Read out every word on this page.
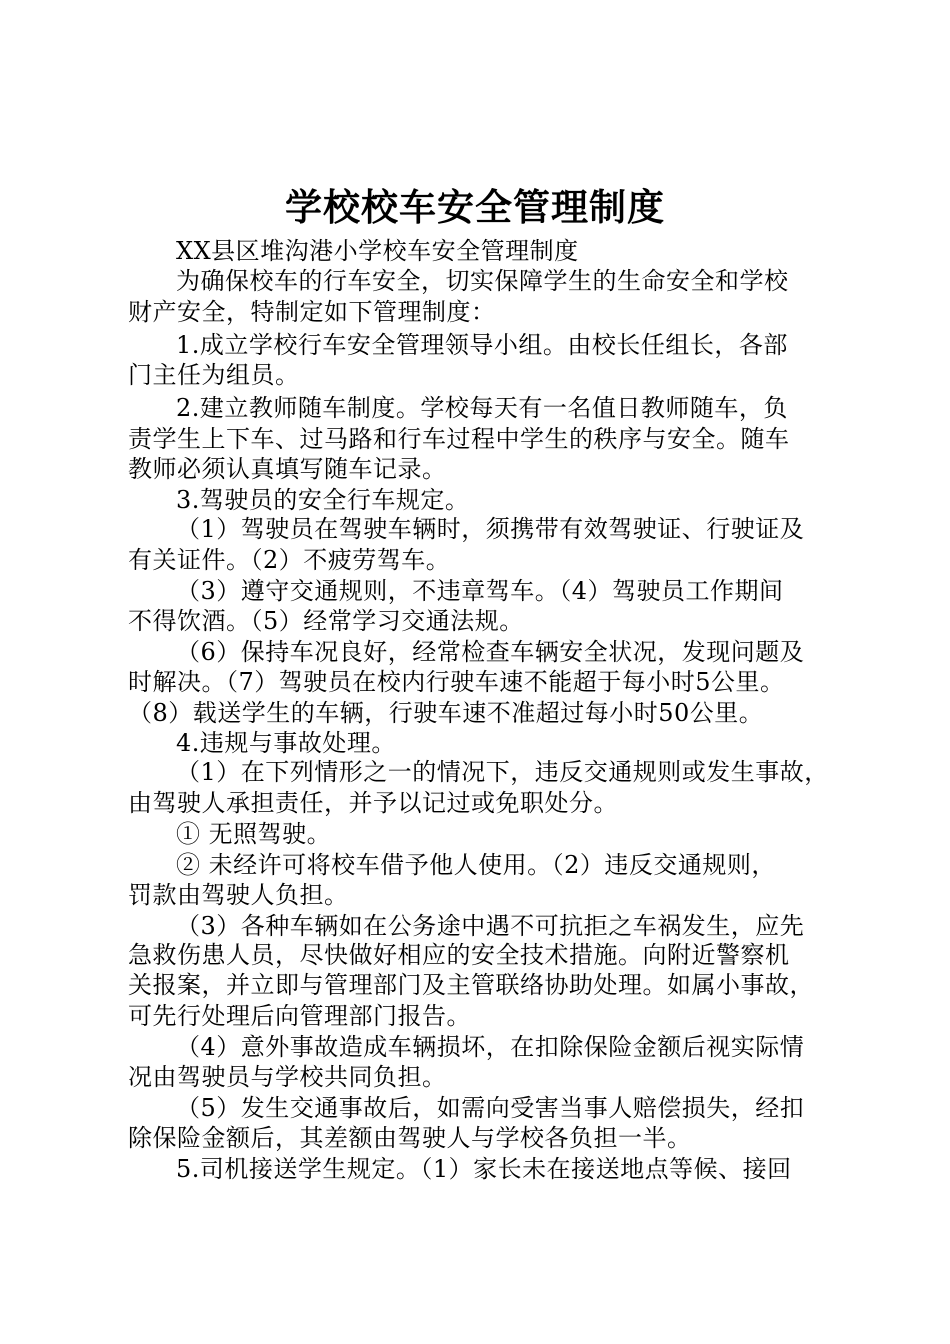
学校校车安全管理制度
XX县区堆沟港小学校车安全管理制度
为确保校车的行车安全，切实保障学生的生命安全和学校
财产安全，特制定如下管理制度：
1.成立学校行车安全管理领导小组。由校长任组长，各部
门主任为组员。
2.建立教师随车制度。学校每天有一名值日教师随车，负
责学生上下车、过马路和行车过程中学生的秩序与安全。随车
教师必须认真填写随车记录。
3.驾驶员的安全行车规定。
（1）驾驶员在驾驶车辆时，须携带有效驾驶证、行驶证及
有关证件。（2）不疲劳驾车。
（3）遵守交通规则，不违章驾车。（4）驾驶员工作期间
不得饮酒。（5）经常学习交通法规。
（6）保持车况良好，经常检查车辆安全状况，发现问题及
时解决。（7）驾驶员在校内行驶车速不能超于每小时5公里。
（8）载送学生的车辆，行驶车速不准超过每小时50公里。
4.违规与事故处理。
（1）在下列情形之一的情况下，违反交通规则或发生事故，
由驾驶人承担责任，并予以记过或免职处分。
① 无照驾驶。
② 未经许可将校车借予他人使用。（2）违反交通规则，
罚款由驾驶人负担。
（3）各种车辆如在公务途中遇不可抗拒之车祸发生，应先
急救伤患人员，尽快做好相应的安全技术措施。向附近警察机
关报案，并立即与管理部门及主管联络协助处理。如属小事故，
可先行处理后向管理部门报告。
（4）意外事故造成车辆损坏，在扣除保险金额后视实际情
况由驾驶员与学校共同负担。
（5）发生交通事故后，如需向受害当事人赔偿损失，经扣
除保险金额后，其差额由驾驶人与学校各负担一半。
5.司机接送学生规定。（1）家长未在接送地点等候、接回
